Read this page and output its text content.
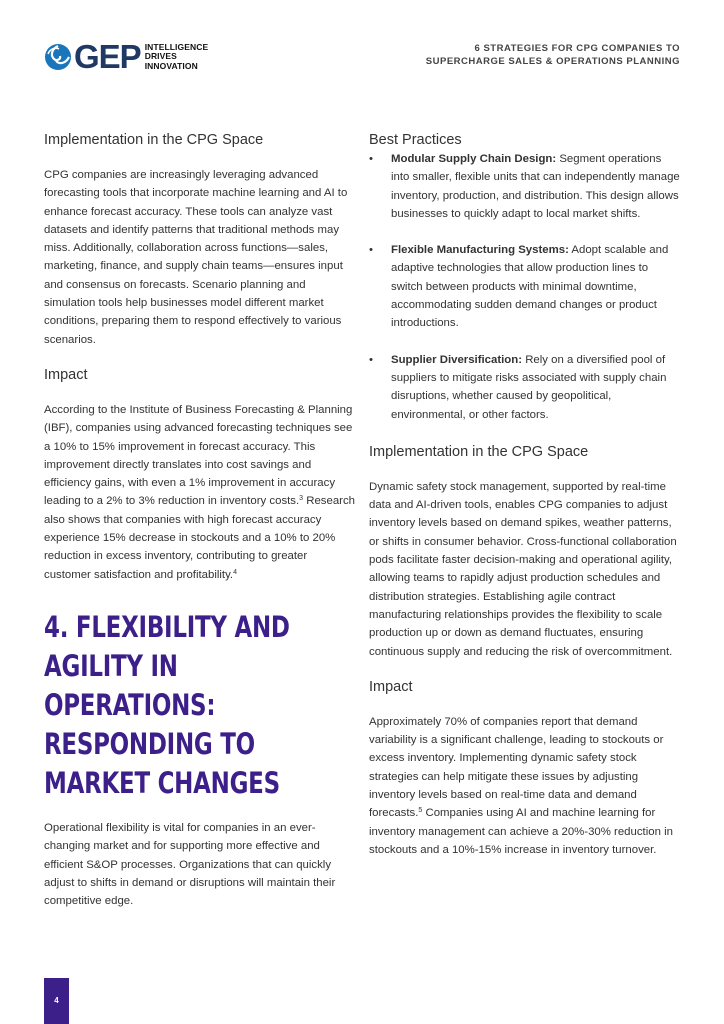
GEP INTELLIGENCE
DRIVES
INNOVATION
6 STRATEGIES FOR CPG COMPANIES TO
SUPERCHARGE SALES & OPERATIONS PLANNING
Implementation in the CPG Space

CPG companies are increasingly leveraging advanced forecasting tools that incorporate machine learning and AI to enhance forecast accuracy. These tools can analyze vast datasets and identify patterns that traditional methods may miss. Additionally, collaboration across functions—sales, marketing, finance, and supply chain teams—ensures input and consensus on forecasts. Scenario planning and simulation tools help businesses model different market conditions, preparing them to respond effectively to various scenarios.

Impact

According to the Institute of Business Forecasting & Planning (IBF), companies using advanced forecasting techniques see a 10% to 15% improvement in forecast accuracy. This improvement directly translates into cost savings and efficiency gains, with even a 1% improvement in accuracy leading to a 2% to 3% reduction in inventory costs.$^3$ Research also shows that companies with high forecast accuracy experience 15% decrease in stockouts and a 10% to 20% reduction in excess inventory, contributing to greater customer satisfaction and profitability.$^4$

4. FLEXIBILITY AND AGILITY IN OPERATIONS: RESPONDING TO MARKET CHANGES

Operational flexibility is vital for companies in an ever-changing market and for supporting more effective and efficient S&OP processes. Organizations that can quickly adjust to shifts in demand or disruptions will maintain their competitive edge.

Best Practices
• Modular Supply Chain Design: Segment operations into smaller, flexible units that can independently manage inventory, production, and distribution. This design allows businesses to quickly adapt to local market shifts.
• Flexible Manufacturing Systems: Adopt scalable and adaptive technologies that allow production lines to switch between products with minimal downtime, accommodating sudden demand changes or product introductions.
• Supplier Diversification: Rely on a diversified pool of suppliers to mitigate risks associated with supply chain disruptions, whether caused by geopolitical, environmental, or other factors.
Implementation in the CPG Space

Dynamic safety stock management, supported by real-time data and AI-driven tools, enables CPG companies to adjust inventory levels based on demand spikes, weather patterns, or shifts in consumer behavior. Cross-functional collaboration pods facilitate faster decision-making and operational agility, allowing teams to rapidly adjust production schedules and distribution strategies. Establishing agile contract manufacturing relationships provides the flexibility to scale production up or down as demand fluctuates, ensuring continuous supply and reducing the risk of overcommitment.

Impact

Approximately 70% of companies report that demand variability is a significant challenge, leading to stockouts or excess inventory. Implementing dynamic safety stock strategies can help mitigate these issues by adjusting inventory levels based on real-time data and demand forecasts.$^5$ Companies using AI and machine learning for inventory management can achieve a 20%-30% reduction in stockouts and a 10%-15% increase in inventory turnover.

4
